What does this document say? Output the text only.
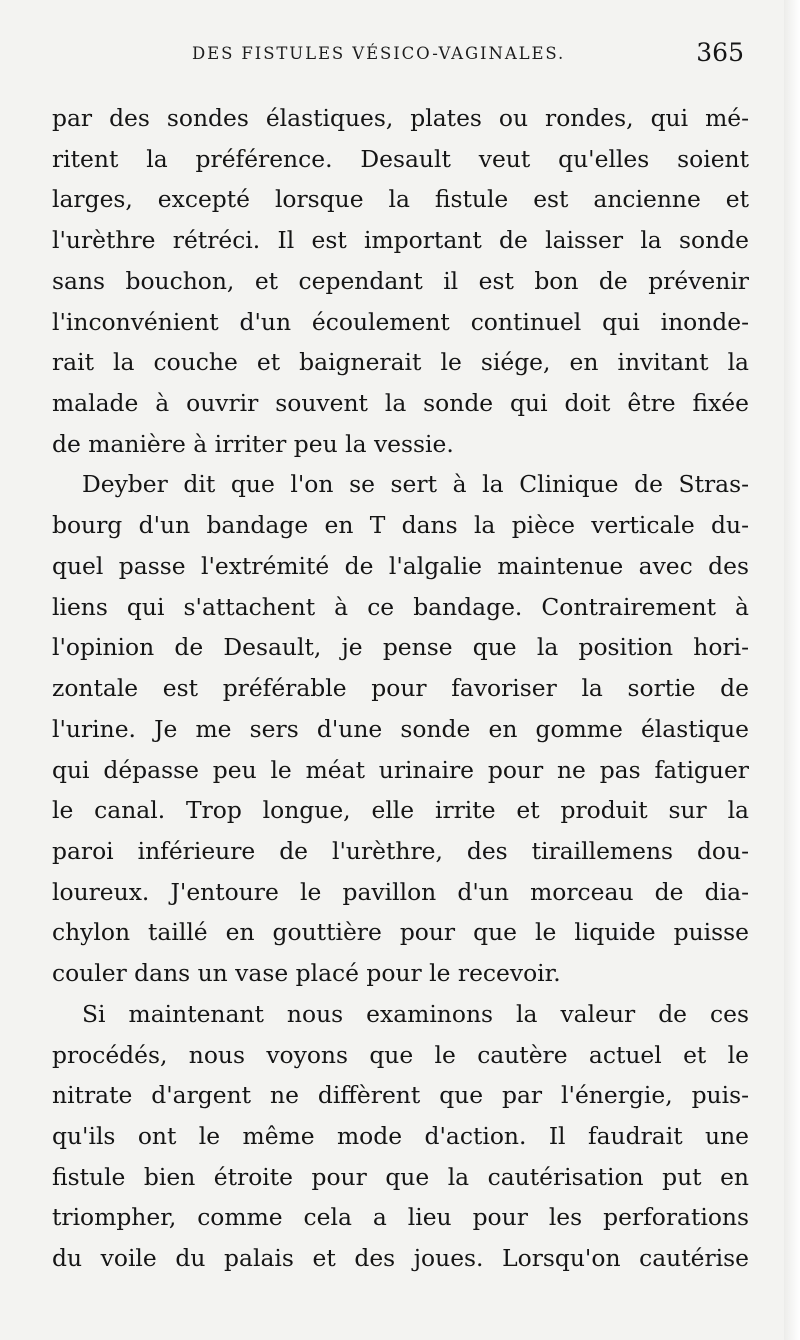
DES FISTULES VÉSICO-VAGINALES.	365
par des sondes élastiques, plates ou rondes, qui mé-
ritent la préférence. Desault veut qu'elles soient
larges, excepté lorsque la fistule est ancienne et
l'urèthre rétréci. Il est important de laisser la sonde
sans bouchon, et cependant il est bon de prévenir
l'inconvénient d'un écoulement continuel qui inonde-
rait la couche et baignerait le siége, en invitant la
malade à ouvrir souvent la sonde qui doit être fixée
de manière à irriter peu la vessie.
Deyber dit que l'on se sert à la Clinique de Stras-
bourg d'un bandage en T dans la pièce verticale du-
quel passe l'extrémité de l'algalie maintenue avec des
liens qui s'attachent à ce bandage. Contrairement à
l'opinion de Desault, je pense que la position hori-
zontale est préférable pour favoriser la sortie de
l'urine. Je me sers d'une sonde en gomme élastique
qui dépasse peu le méat urinaire pour ne pas fatiguer
le canal. Trop longue, elle irrite et produit sur la
paroi inférieure de l'urèthre, des tiraillemens dou-
loureux. J'entoure le pavillon d'un morceau de dia-
chylon taillé en gouttière pour que le liquide puisse
couler dans un vase placé pour le recevoir.
Si maintenant nous examinons la valeur de ces
procédés, nous voyons que le cautère actuel et le
nitrate d'argent ne diffèrent que par l'énergie, puis-
qu'ils ont le même mode d'action. Il faudrait une
fistule bien étroite pour que la cautérisation put en
triompher, comme cela a lieu pour les perforations
du voile du palais et des joues. Lorsqu'on cautérise
